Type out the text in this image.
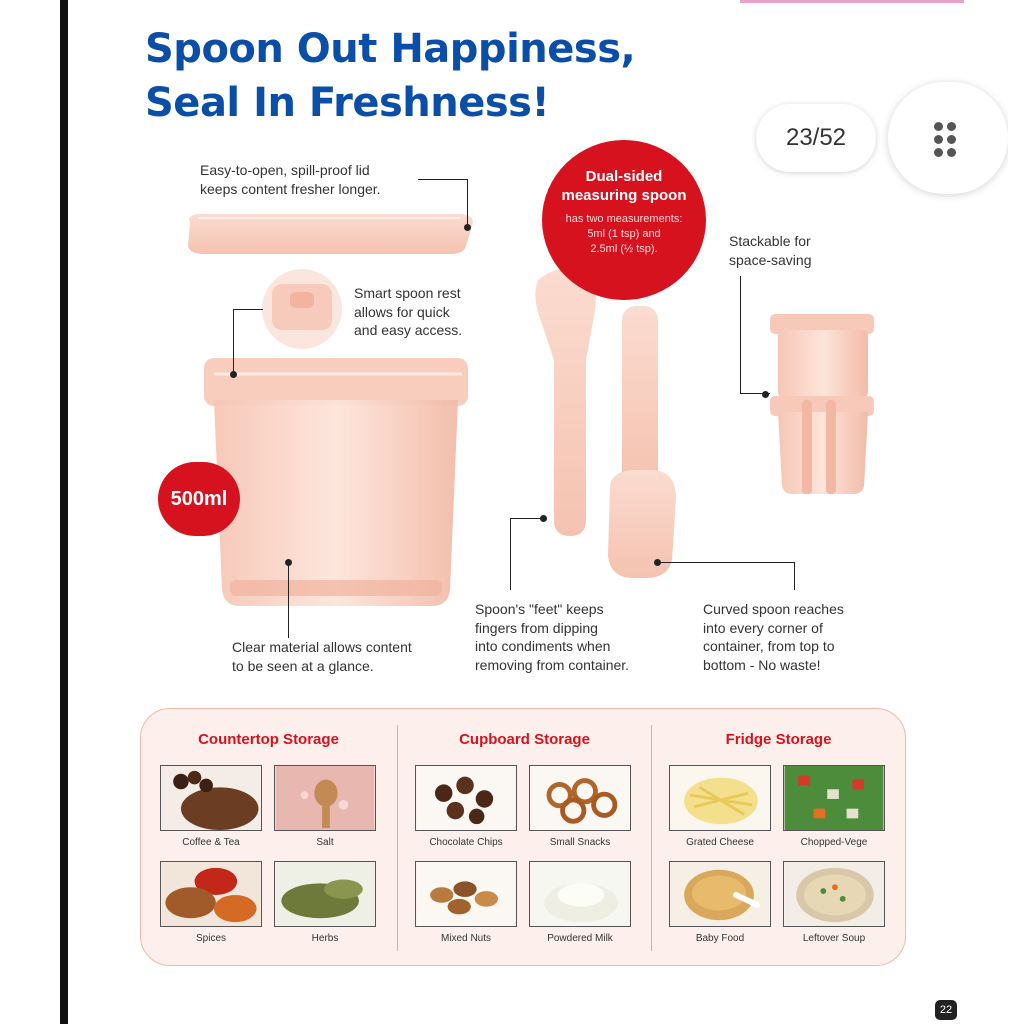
Spoon Out Happiness,
Seal In Freshness!
Easy-to-open, spill-proof lid
keeps content fresher longer.
Smart spoon rest
allows for quick
and easy access.
Stackable for
space-saving
Clear material allows content
to be seen at a glance.
Spoon's "feet" keeps
fingers from dipping
into condiments when
removing from container.
Curved spoon reaches
into every corner of
container, from top to
bottom - No waste!
Dual-sided
measuring spoon
has two measurements:
5ml (1 tsp) and
2.5ml (½ tsp).
500ml
23/52
Countertop Storage
Coffee & Tea	Salt
Spices	Herbs
Cupboard Storage
Chocolate Chips	Small Snacks
Mixed Nuts	Powdered Milk
Fridge Storage
Grated Cheese	Chopped-Vege
Baby Food	Leftover Soup
22
